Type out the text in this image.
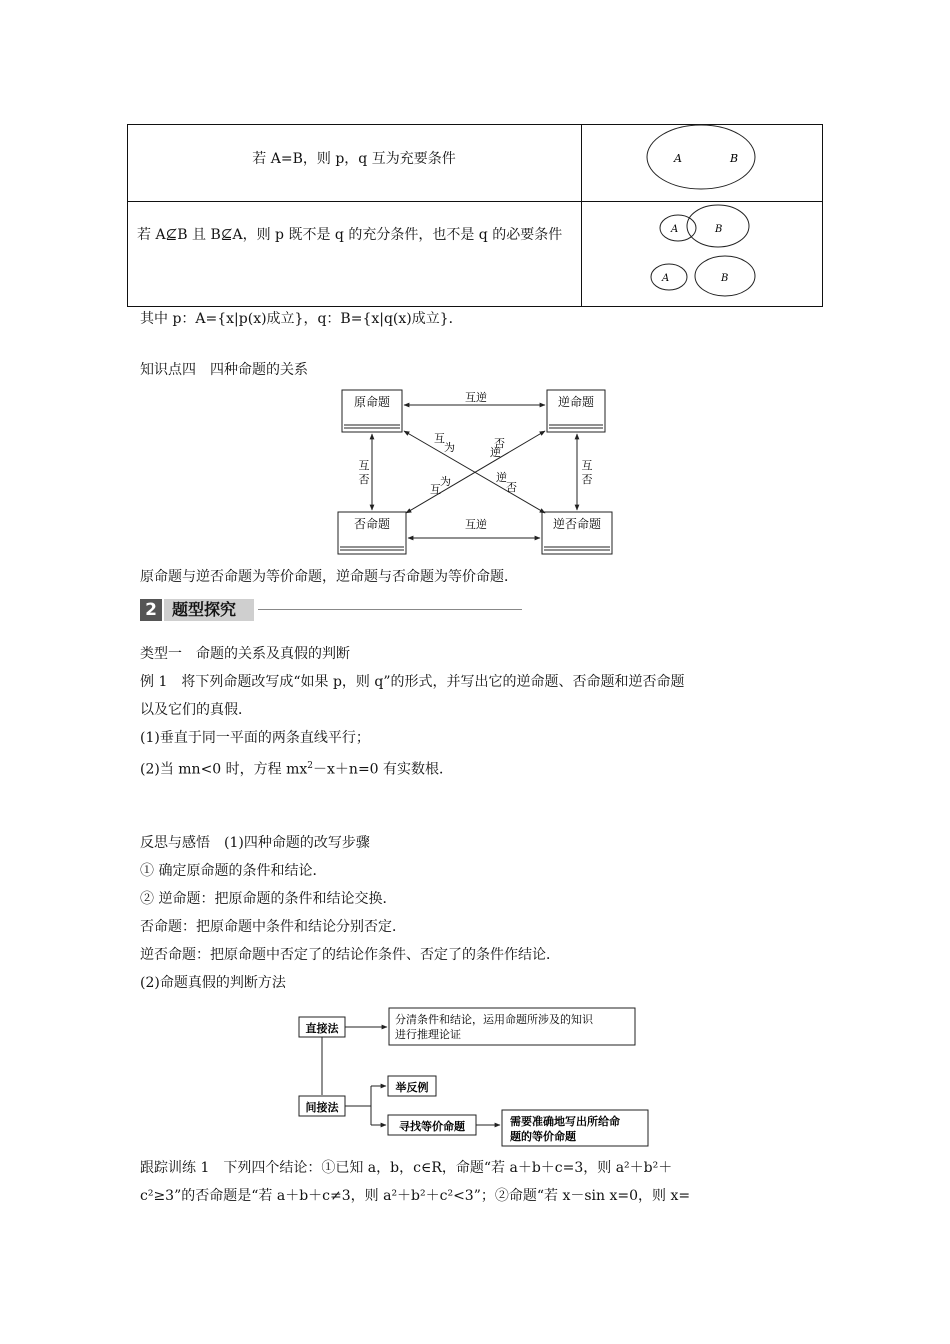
若 A=B，则 p，q 互为充要条件
若 A⊈B 且 B⊈A，则 p 既不是 q 的充分条件，也不是 q 的必要条件
A	B
A	B
A	B
其中 p：A={x|p(x)成立}，q：B={x|q(x)成立}．
知识点四　四种命题的关系
原命题	逆命题
否命题	逆否命题
互逆
互逆
互
否
互
否
互
为	否
逆
为
互
逆
否
原命题与逆否命题为等价命题，逆命题与否命题为等价命题．
2 题型探究
类型一　命题的关系及真假的判断
例 1　将下列命题改写成“如果 p，则 q”的形式，并写出它的逆命题、否命题和逆否命题
以及它们的真假．
(1)垂直于同一平面的两条直线平行；
(2)当 mn<0 时，方程 $mx^2-x+n=0$ 有实数根．
反思与感悟　(1)四种命题的改写步骤
① 确定原命题的条件和结论．
② 逆命题：把原命题的条件和结论交换．
否命题：把原命题中条件和结论分别否定．
逆否命题：把原命题中否定了的结论作条件、否定了的条件作结论．
(2)命题真假的判断方法
直接法
分清条件和结论，运用命题所涉及的知识
进行推理论证
间接法
举反例
寻找等价命题	需要准确地写出所给命
题的等价命题
跟踪训练 1　下列四个结论：①已知 a，b，c∈R，命题“若 a＋b＋c=3，则 a²＋b²＋
c²≥3”的否命题是“若 a＋b＋c≠3，则 a²＋b²＋c²<3”；②命题“若 x－sin x=0，则 x=
